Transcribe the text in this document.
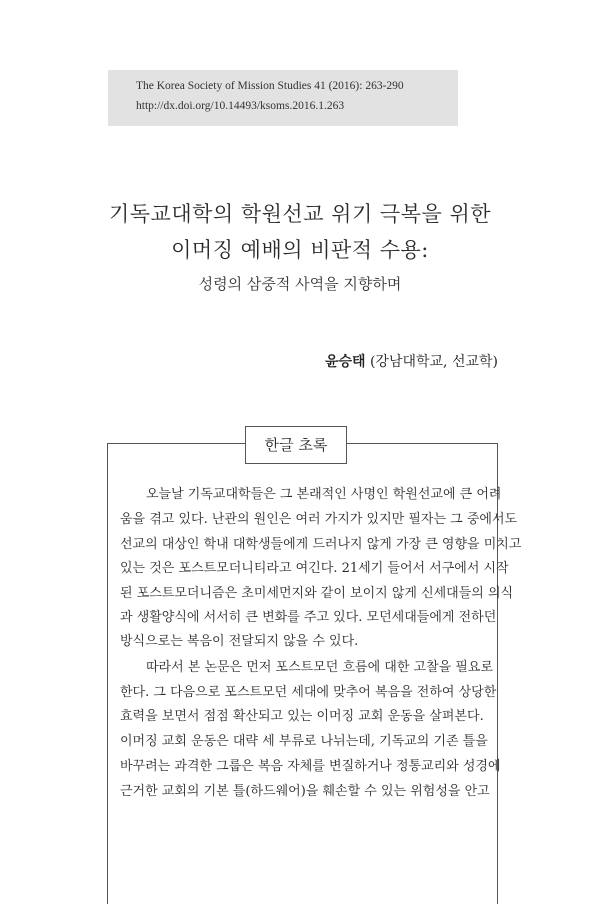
The Korea Society of Mission Studies 41 (2016): 263-290
http://dx.doi.org/10.14493/ksoms.2016.1.263
기독교대학의 학원선교 위기 극복을 위한
이머징 예배의 비판적 수용:
성령의 삼중적 사역을 지향하며
윤승태 (강남대학교, 선교학)
한글 초록
오늘날 기독교대학들은 그 본래적인 사명인 학원선교에 큰 어려
움을 겪고 있다. 난관의 원인은 여러 가지가 있지만 필자는 그 중에서도
선교의 대상인 학내 대학생들에게 드러나지 않게 가장 큰 영향을 미치고
있는 것은 포스트모더니티라고 여긴다. 21세기 들어서 서구에서 시작
된 포스트모더니즘은 초미세먼지와 같이 보이지 않게 신세대들의 의식
과 생활양식에 서서히 큰 변화를 주고 있다. 모던세대들에게 전하던
방식으로는 복음이 전달되지 않을 수 있다.
따라서 본 논문은 먼저 포스트모던 흐름에 대한 고찰을 필요로
한다. 그 다음으로 포스트모던 세대에 맞추어 복음을 전하여 상당한
효력을 보면서 점점 확산되고 있는 이머징 교회 운동을 살펴본다.
이머징 교회 운동은 대략 세 부류로 나뉘는데, 기독교의 기존 틀을
바꾸려는 과격한 그룹은 복음 자체를 변질하거나 정통교리와 성경에
근거한 교회의 기본 틀(하드웨어)을 훼손할 수 있는 위험성을 안고
